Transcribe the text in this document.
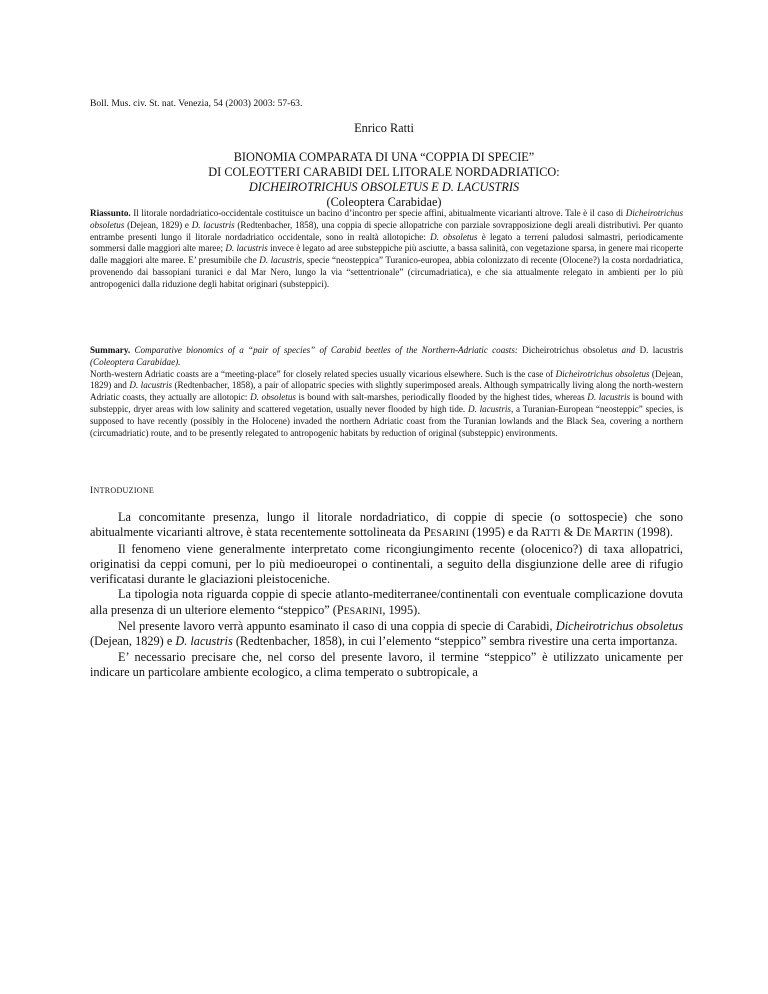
Boll. Mus. civ. St. nat. Venezia, 54 (2003) 2003: 57-63.
Enrico Ratti
BIONOMIA COMPARATA DI UNA “COPPIA DI SPECIE”
DI COLEOTTERI CARABIDI DEL LITORALE NORDADRIATICO:
DICHEIROTRICHUS OBSOLETUS E D. LACUSTRIS
(Coleoptera Carabidae)
Riassunto. Il litorale nordadriatico-occidentale costituisce un bacino d’incontro per specie affini, abitualmente vicarianti altrove. Tale è il caso di Dicheirotrichus obsoletus (Dejean, 1829) e D. lacustris (Redtenbacher, 1858), una coppia di specie allopatriche con parziale sovrapposizione degli areali distributivi. Per quanto entrambe presenti lungo il litorale nordadriatico occidentale, sono in realtà allotopiche: D. obsoletus è legato a terreni paludosi salmastri, periodicamente sommersi dalle maggiori alte maree; D. lacustris invece è legato ad aree substeppiche più asciutte, a bassa salinità, con vegetazione sparsa, in genere mai ricoperte dalle maggiori alte maree. E’ presumibile che D. lacustris, specie “neosteppica” Turanico-europea, abbia colonizzato di recente (Olocene?) la costa nordadriatica, provenendo dai bassopiani turanici e dal Mar Nero, lungo la via “settentrionale” (circumadriatica), e che sia attualmente relegato in ambienti per lo più antropogenici dalla riduzione degli habitat originari (substeppici).
Summary. Comparative bionomics of a “pair of species” of Carabid beetles of the Northern-Adriatic coasts: Dicheirotrichus obsoletus and D. lacustris (Coleoptera Carabidae).
North-western Adriatic coasts are a “meeting-place” for closely related species usually vicarious elsewhere. Such is the case of Dicheirotrichus obsoletus (Dejean, 1829) and D. lacustris (Redtenbacher, 1858), a pair of allopatric species with slightly superimposed areals. Although sympatrically living along the north-western Adriatic coasts, they actually are allotopic: D. obsoletus is bound with salt-marshes, periodically flooded by the highest tides, whereas D. lacustris is bound with substeppic, dryer areas with low salinity and scattered vegetation, usually never flooded by high tide. D. lacustris, a Turanian-European “neosteppic” species, is supposed to have recently (possibly in the Holocene) invaded the northern Adriatic coast from the Turanian lowlands and the Black Sea, covering a northern (circumadriatic) route, and to be presently relegated to antropogenic habitats by reduction of original (substeppic) environments.
INTRODUZIONE

La concomitante presenza, lungo il litorale nordadriatico, di coppie di specie (o sottospecie) che sono abitualmente vicarianti altrove, è stata recentemente sottolineata da PESARINI (1995) e da RATTI & DE MARTIN (1998).

Il fenomeno viene generalmente interpretato come ricongiungimento recente (olocenico?) di taxa allopatrici, originatisi da ceppi comuni, per lo più medioeuropei o continentali, a seguito della disgiunzione delle aree di rifugio verificatasi durante le glaciazioni pleistoceniche.

La tipologia nota riguarda coppie di specie atlanto-mediterranee/continentali con eventuale complicazione dovuta alla presenza di un ulteriore elemento “steppico” (PESARINI, 1995).

Nel presente lavoro verrà appunto esaminato il caso di una coppia di specie di Carabidi, Dicheirotrichus obsoletus (Dejean, 1829) e D. lacustris (Redtenbacher, 1858), in cui l’elemento “steppico” sembra rivestire una certa importanza.

E’ necessario precisare che, nel corso del presente lavoro, il termine “steppico” è utilizzato unicamente per indicare un particolare ambiente ecologico, a clima temperato o subtropicale, a
